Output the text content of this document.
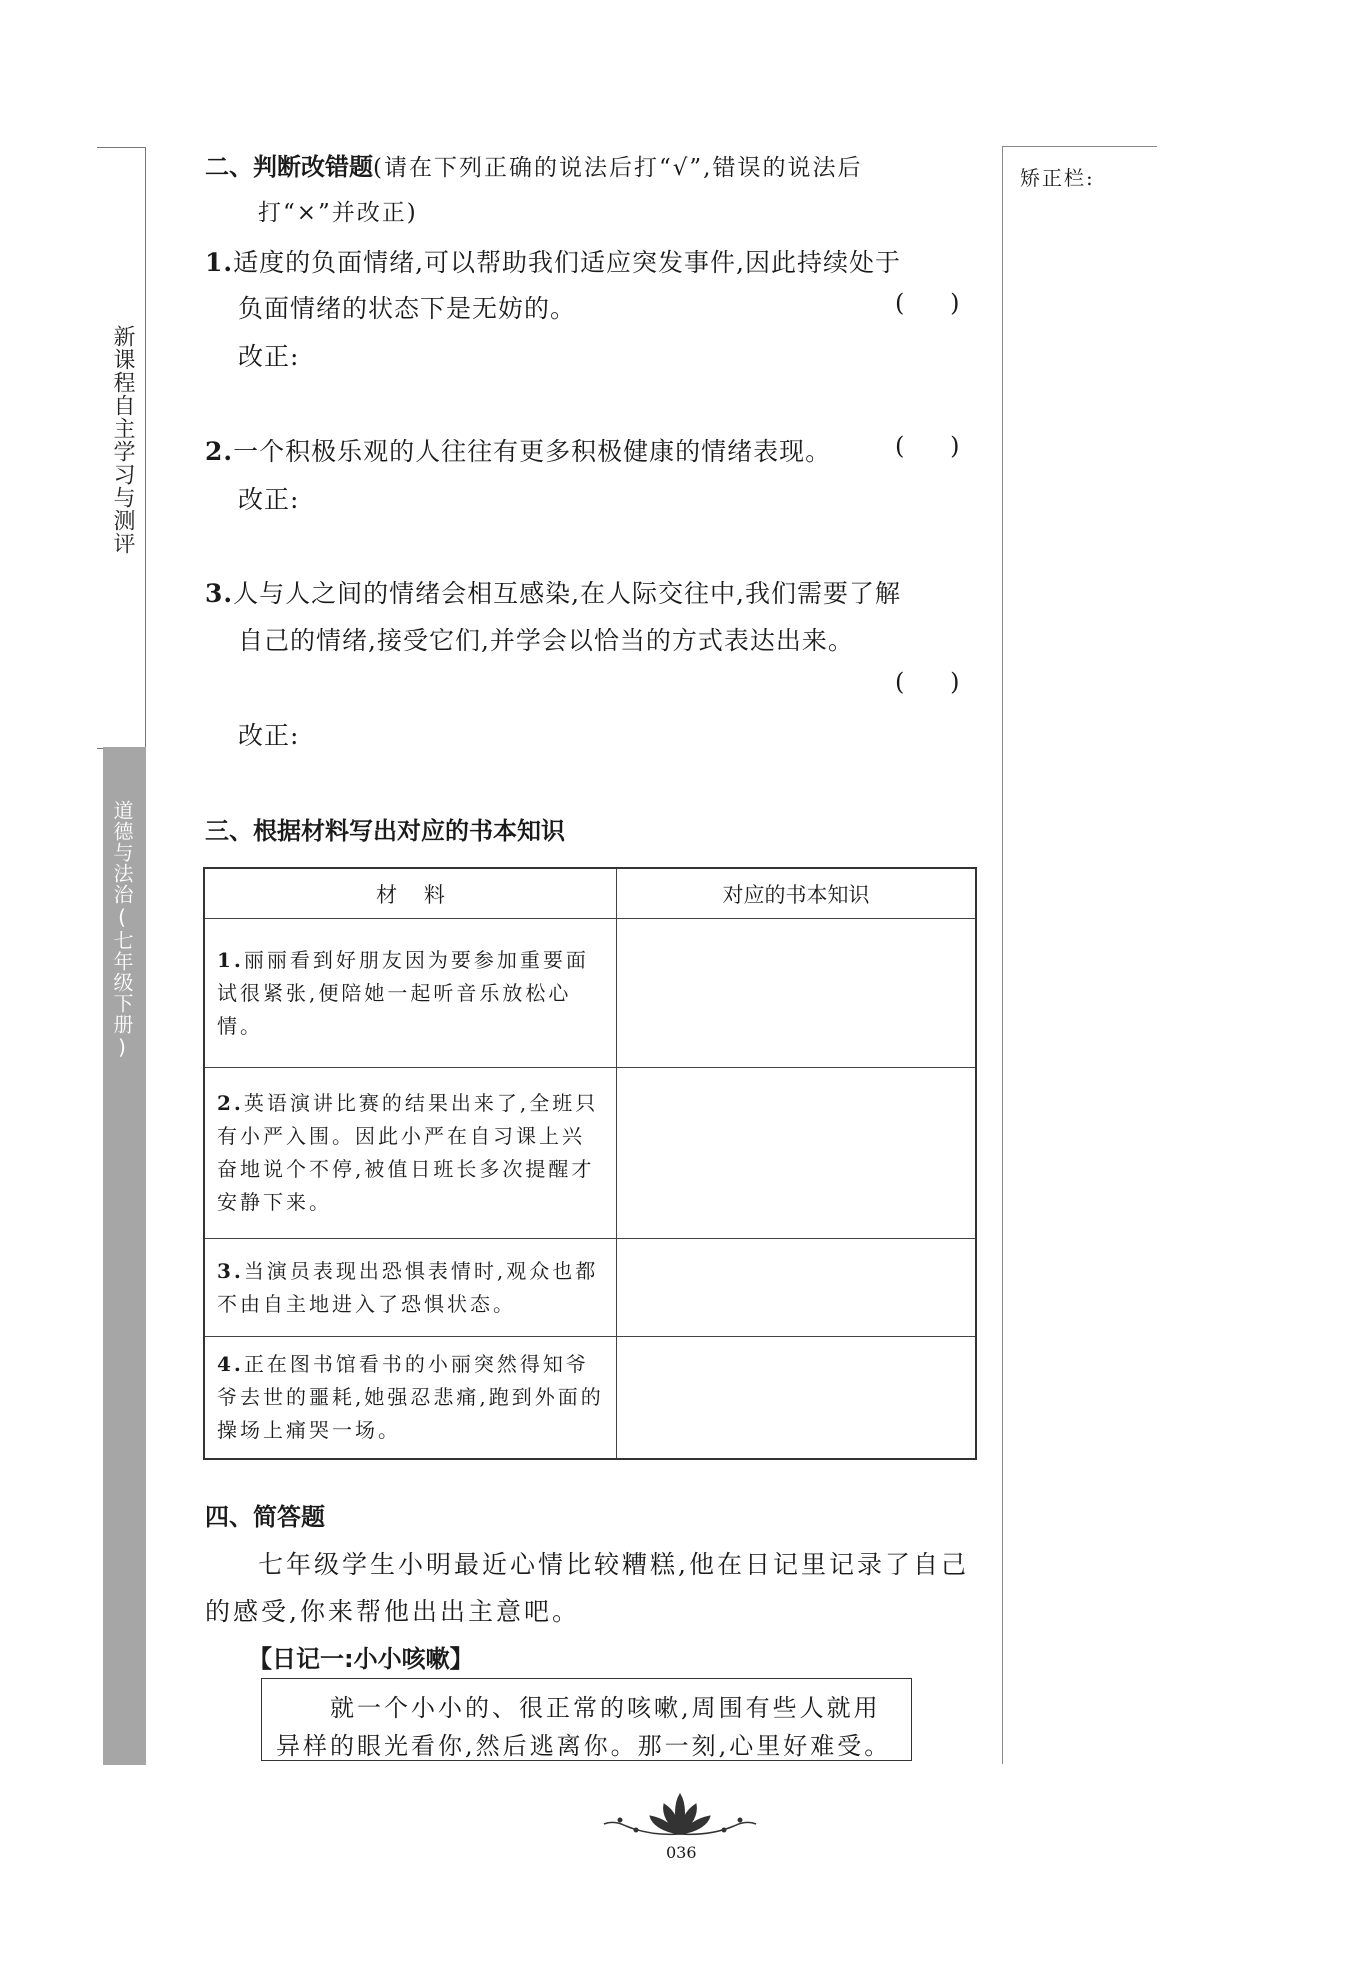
新课程自主学习与测评
道德与法治(七年级下册)
矫正栏:
二、判断改错题(请在下列正确的说法后打“√”,错误的说法后
打“×”并改正)
1.适度的负面情绪,可以帮助我们适应突发事件,因此持续处于
负面情绪的状态下是无妨的。	(      )
改正:
2.一个积极乐观的人往往有更多积极健康的情绪表现。	(      )
改正:
3.人与人之间的情绪会相互感染,在人际交往中,我们需要了解
自己的情绪,接受它们,并学会以恰当的方式表达出来。
(      )
改正:
三、根据材料写出对应的书本知识
材    料	对应的书本知识
1.丽丽看到好朋友因为要参加重要面试很紧张,便陪她一起听音乐放松心情。	
2.英语演讲比赛的结果出来了,全班只有小严入围。因此小严在自习课上兴奋地说个不停,被值日班长多次提醒才安静下来。	
3.当演员表现出恐惧表情时,观众也都不由自主地进入了恐惧状态。	
4.正在图书馆看书的小丽突然得知爷爷去世的噩耗,她强忍悲痛,跑到外面的操场上痛哭一场。	
四、简答题
七年级学生小明最近心情比较糟糕,他在日记里记录了自己
的感受,你来帮他出出主意吧。
【日记一:小小咳嗽】
就一个小小的、很正常的咳嗽,周围有些人就用
异样的眼光看你,然后逃离你。那一刻,心里好难受。
036
